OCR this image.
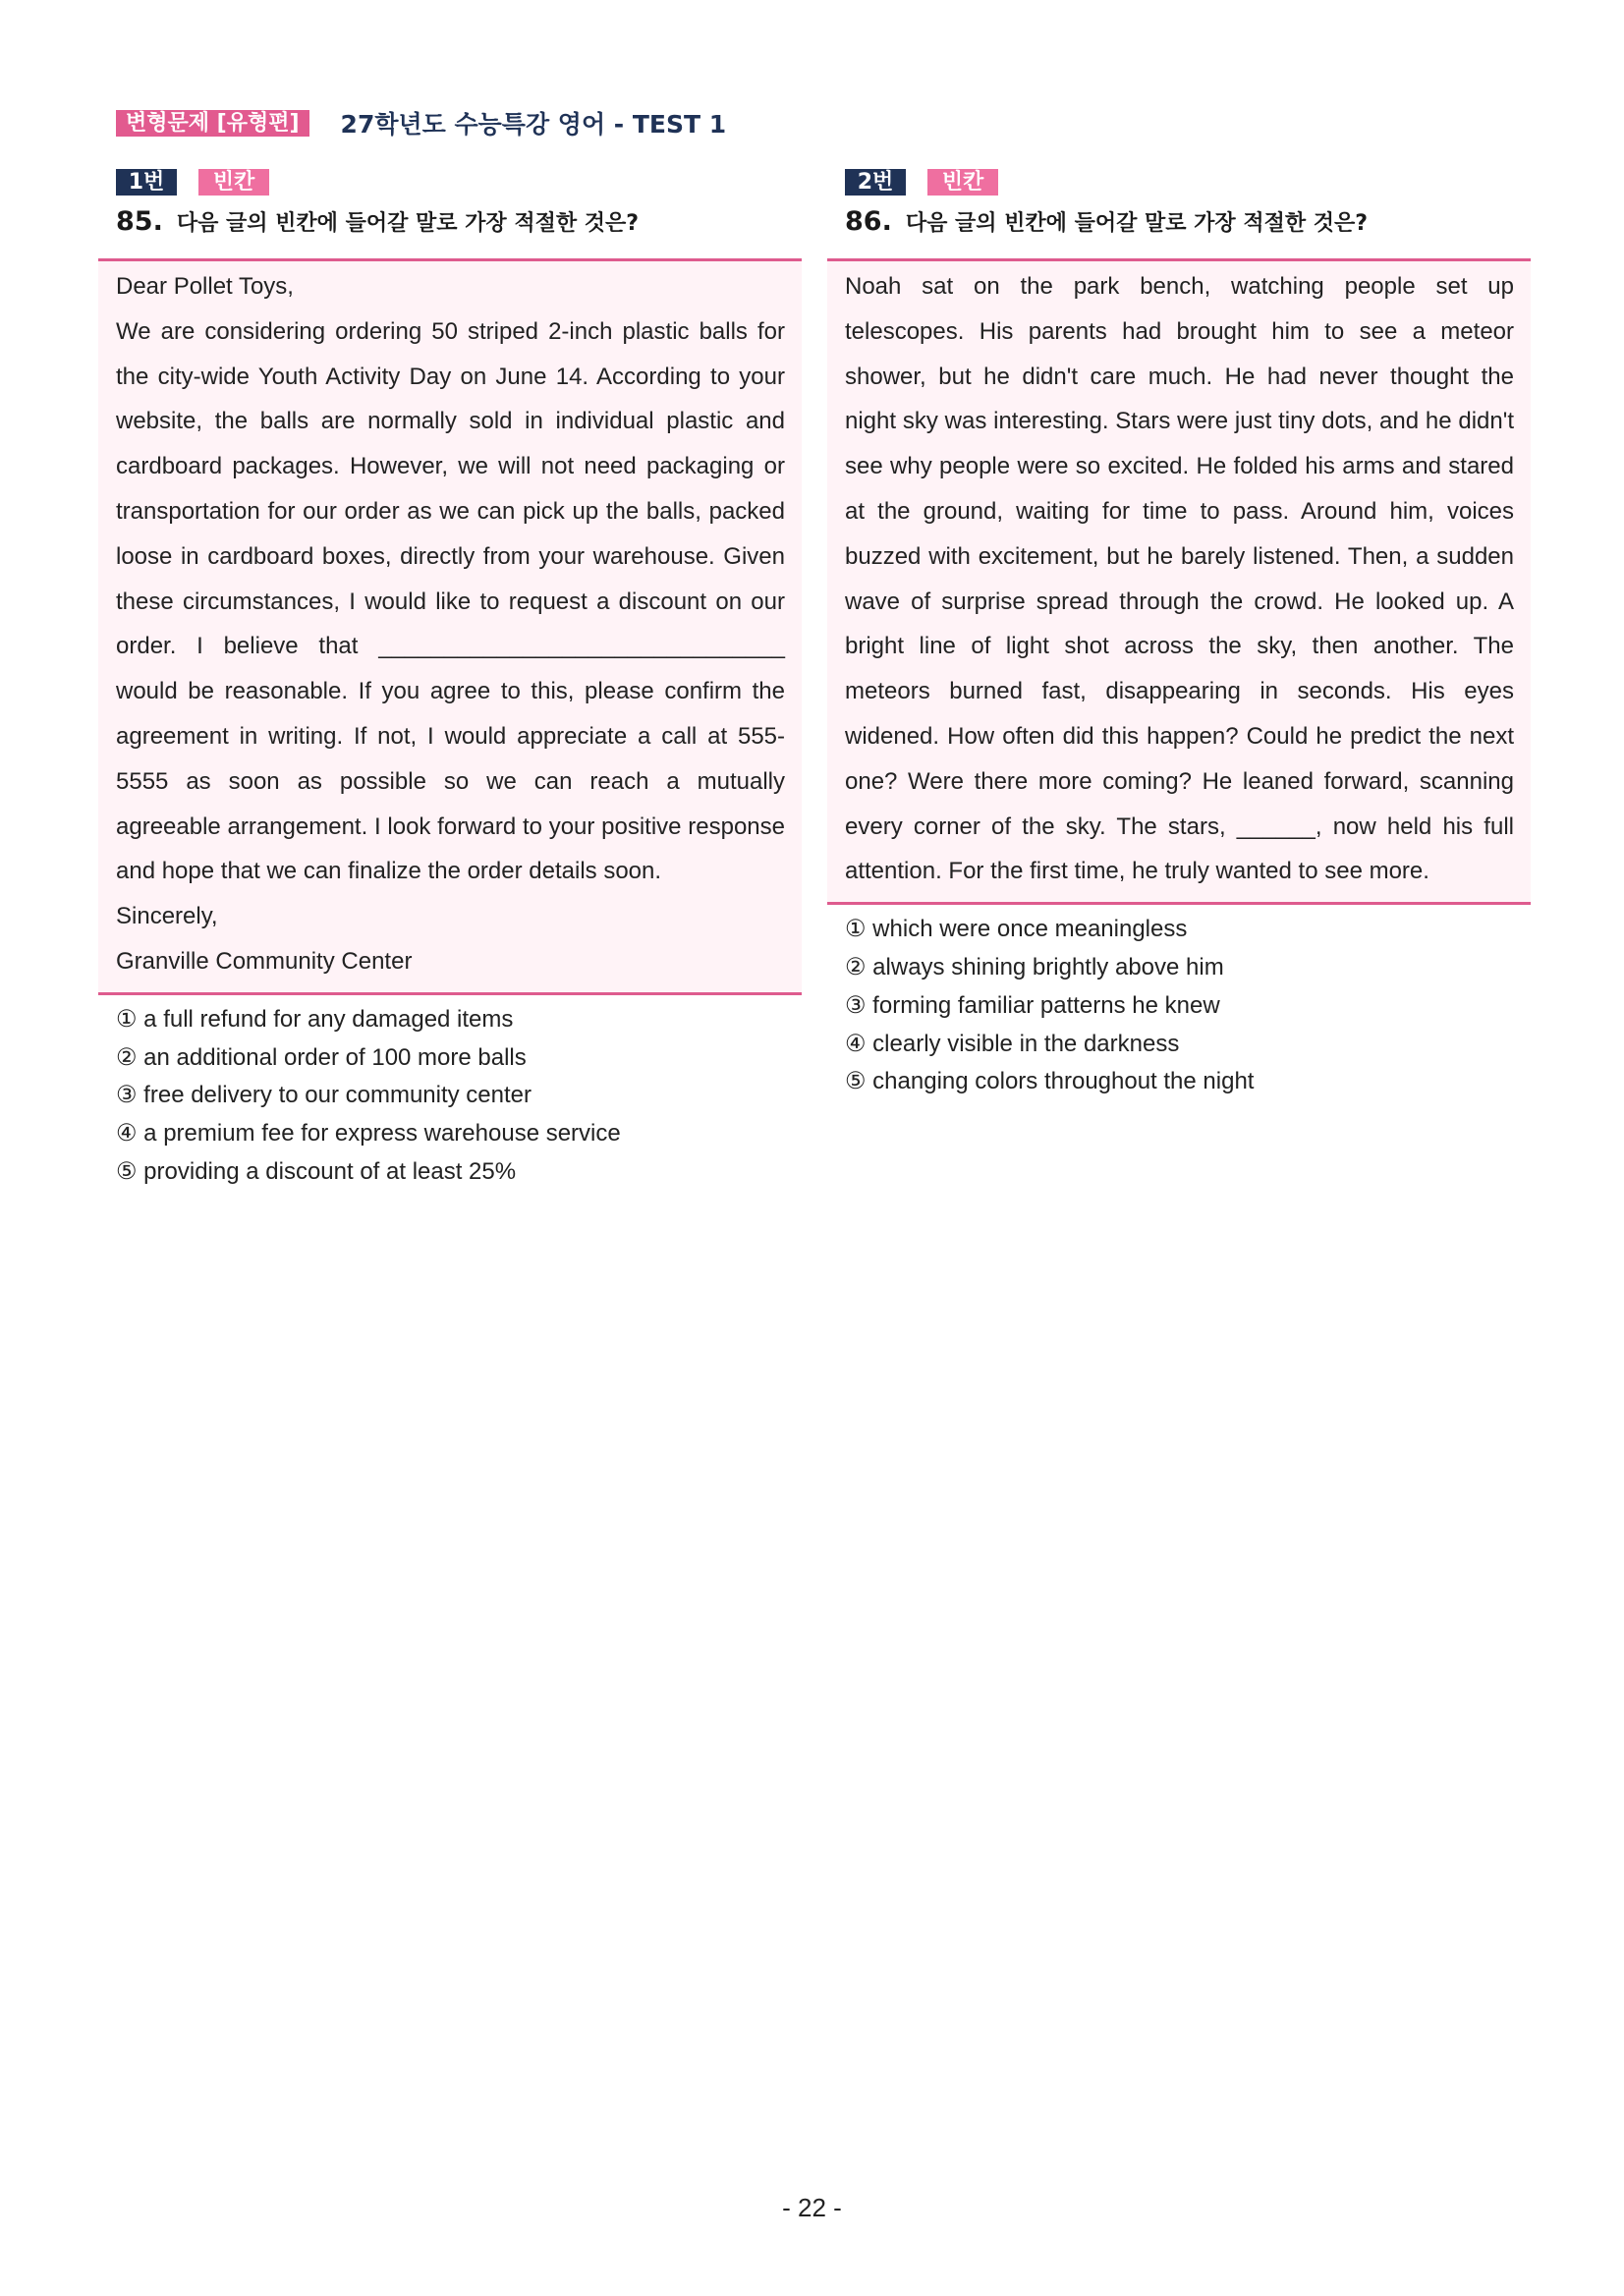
변형문제 [유형편]	27학년도 수능특강 영어 - TEST 1
1번	빈칸
85. 다음 글의 빈칸에 들어갈 말로 가장 적절한 것은?
Dear Pollet Toys,
We are considering ordering 50 striped 2-inch plastic balls for the city-wide Youth Activity Day on June 14. According to your website, the balls are normally sold in individual plastic and cardboard packages. However, we will not need packaging or transportation for our order as we can pick up the balls, packed loose in cardboard boxes, directly from your warehouse. Given these circumstances, I would like to request a discount on our order. I believe that _______________________________ would be reasonable. If you agree to this, please confirm the agreement in writing. If not, I would appreciate a call at 555-5555 as soon as possible so we can reach a mutually agreeable arrangement. I look forward to your positive response and hope that we can finalize the order details soon.
Sincerely,
Granville Community Center
① a full refund for any damaged items
② an additional order of 100 more balls
③ free delivery to our community center
④ a premium fee for express warehouse service
⑤ providing a discount of at least 25%
2번	빈칸
86. 다음 글의 빈칸에 들어갈 말로 가장 적절한 것은?
Noah sat on the park bench, watching people set up telescopes. His parents had brought him to see a meteor shower, but he didn't care much. He had never thought the night sky was interesting. Stars were just tiny dots, and he didn't see why people were so excited. He folded his arms and stared at the ground, waiting for time to pass. Around him, voices buzzed with excitement, but he barely listened. Then, a sudden wave of surprise spread through the crowd. He looked up. A bright line of light shot across the sky, then another. The meteors burned fast, disappearing in seconds. His eyes widened. How often did this happen? Could he predict the next one? Were there more coming? He leaned forward, scanning every corner of the sky. The stars, ______, now held his full attention. For the first time, he truly wanted to see more.
① which were once meaningless
② always shining brightly above him
③ forming familiar patterns he knew
④ clearly visible in the darkness
⑤ changing colors throughout the night
- 22 -
